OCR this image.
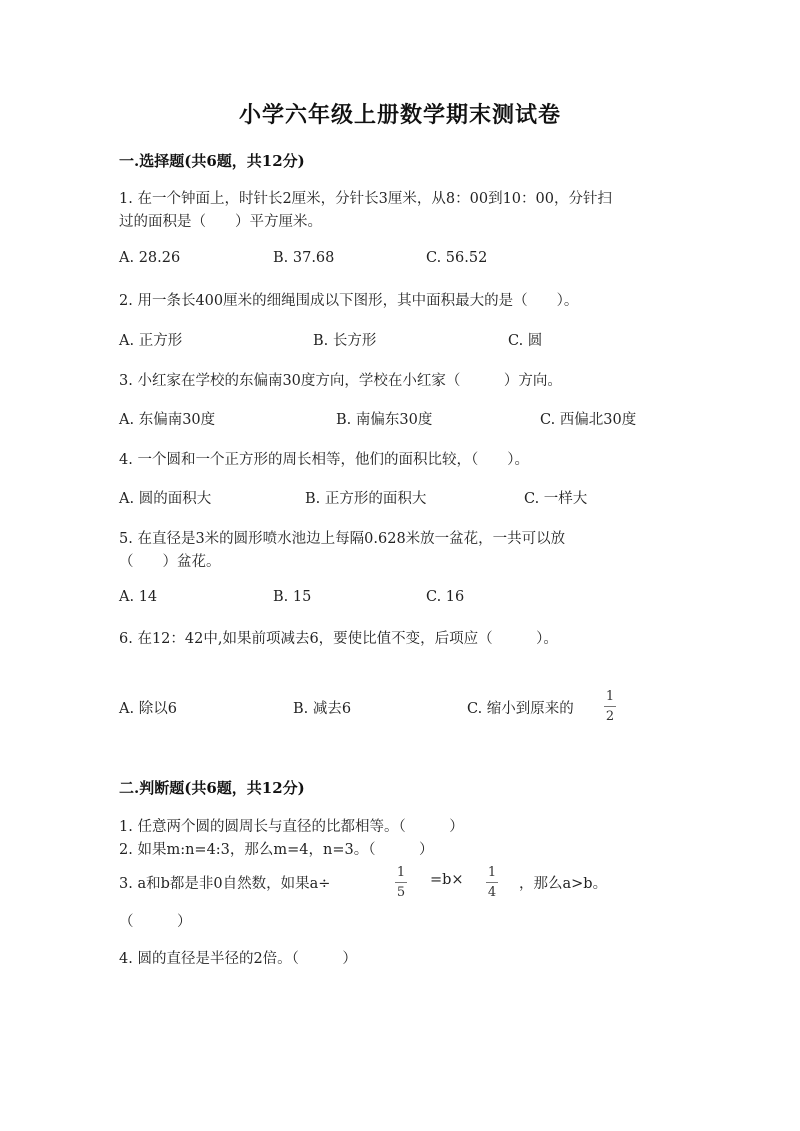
小学六年级上册数学期末测试卷
一.选择题(共6题，共12分)
1. 在一个钟面上，时针长2厘米，分针长3厘米，从8：00到10：00，分针扫
过的面积是（　　）平方厘米。
A. 28.26	B. 37.68	C. 56.52
2. 用一条长400厘米的细绳围成以下图形，其中面积最大的是（　　）。
A. 正方形	B. 长方形	C. 圆
3. 小红家在学校的东偏南30度方向，学校在小红家（　　　）方向。
A. 东偏南30度	B. 南偏东30度	C. 西偏北30度
4. 一个圆和一个正方形的周长相等，他们的面积比较，（　　）。
A. 圆的面积大	B. 正方形的面积大	C. 一样大
5. 在直径是3米的圆形喷水池边上每隔0.628米放一盆花，一共可以放
（　　）盆花。
A. 14	B. 15	C. 16
6. 在12：42中,如果前项减去6，要使比值不变，后项应（　　　）。
A. 除以6	B. 减去6	C. 缩小到原来的
1
2
二.判断题(共6题，共12分)
1. 任意两个圆的圆周长与直径的比都相等。（　　　）
2. 如果m:n=4:3，那么m=4，n=3。（　　　）
3. a和b都是非0自然数，如果a÷
1
5
=b× 1
4
，那么a>b。
（　　　）
4. 圆的直径是半径的2倍。（　　　）
